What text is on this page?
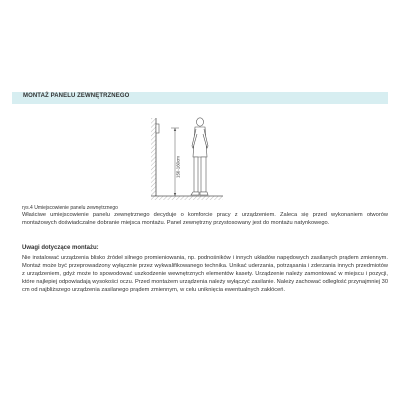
MONTAŻ PANELU ZEWNĘTRZNEGO
150-160cm
rys.4 Umiejscowienie panelu zewnętrznego

Właściwe umiejscowienie panelu zewnętrznego decyduje o komforcie pracy z urządzeniem. Zaleca się przed wykonaniem otworów montażowych doświadczalne dobranie miejsca montażu. Panel zewnętrzny przystosowany jest do montażu natynkowego.

Uwagi dotyczące montażu:

Nie instalować urządzenia blisko źródeł silnego promieniowania, np. podnośników i innych układów napędowych zasilanych prądem zmiennym. Montaż może być przeprowadzony wyłącznie przez wykwalifikowanego technika. Unikać uderzania, potrząsania i zderzania innych przedmiotów z urządzeniem, gdyż może to spowodować uszkodzenie wewnętrznych elementów kasety. Urządzenie należy zamontować w miejscu i pozycji, które najlepiej odpowiadają wysokości oczu. Przed montażem urządzenia należy wyłączyć zasilanie. Należy zachować odległość przynajmniej 30 cm od najbliższego urządzenia zasilanego prądem zmiennym, w celu uniknięcia ewentualnych zakłóceń.
